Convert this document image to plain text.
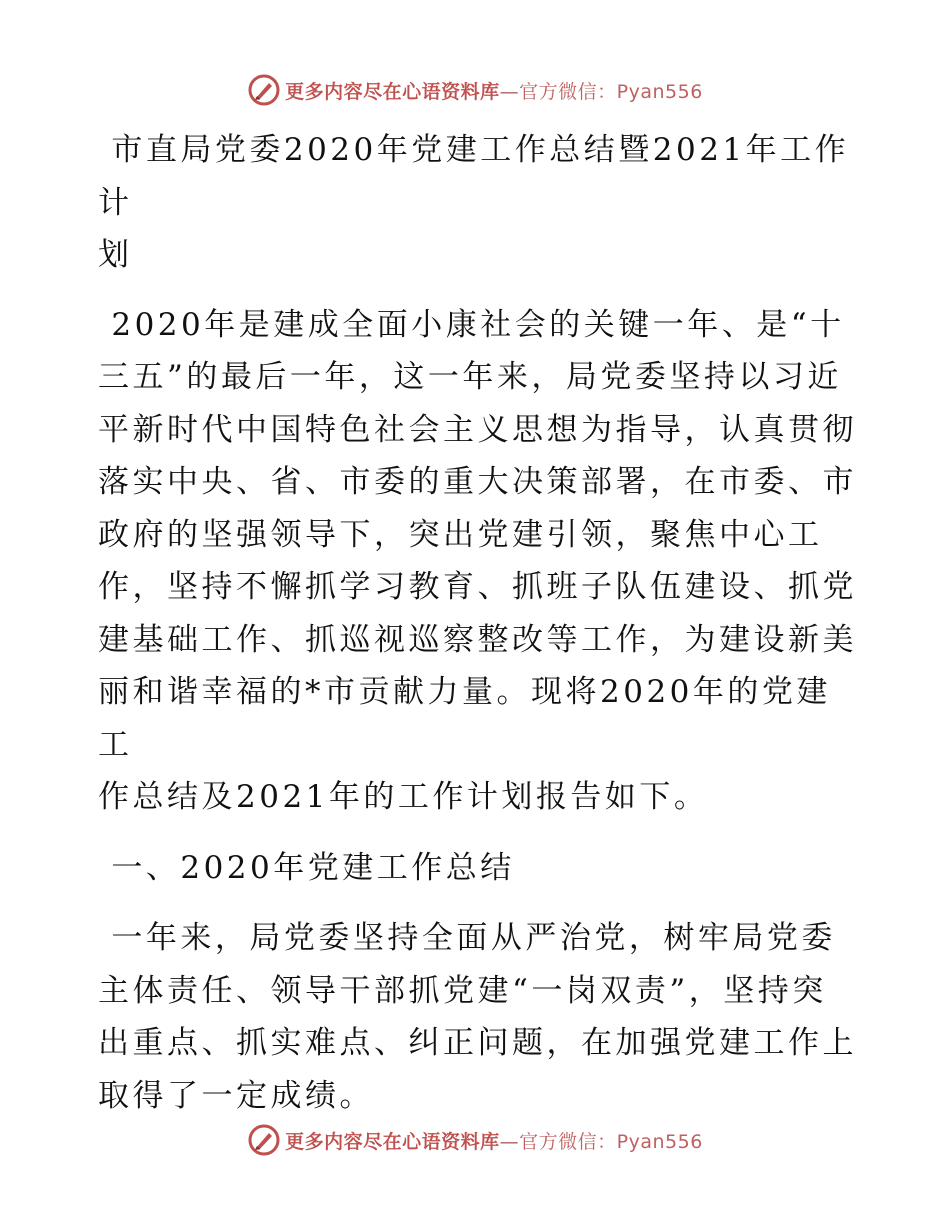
更多内容尽在心语资料库—官方微信：Pyan556

市直局党委2020年党建工作总结暨2021年工作计
划

2020年是建成全面小康社会的关键一年、是“十
三五”的最后一年，这一年来，局党委坚持以习近
平新时代中国特色社会主义思想为指导，认真贯彻
落实中央、省、市委的重大决策部署，在市委、市
政府的坚强领导下，突出党建引领，聚焦中心工
作，坚持不懈抓学习教育、抓班子队伍建设、抓党
建基础工作、抓巡视巡察整改等工作，为建设新美
丽和谐幸福的*市贡献力量。现将2020年的党建工
作总结及2021年的工作计划报告如下。

一、2020年党建工作总结

一年来，局党委坚持全面从严治党，树牢局党委
主体责任、领导干部抓党建“一岗双责”，坚持突
出重点、抓实难点、纠正问题，在加强党建工作上
取得了一定成绩。

更多内容尽在心语资料库—官方微信：Pyan556
